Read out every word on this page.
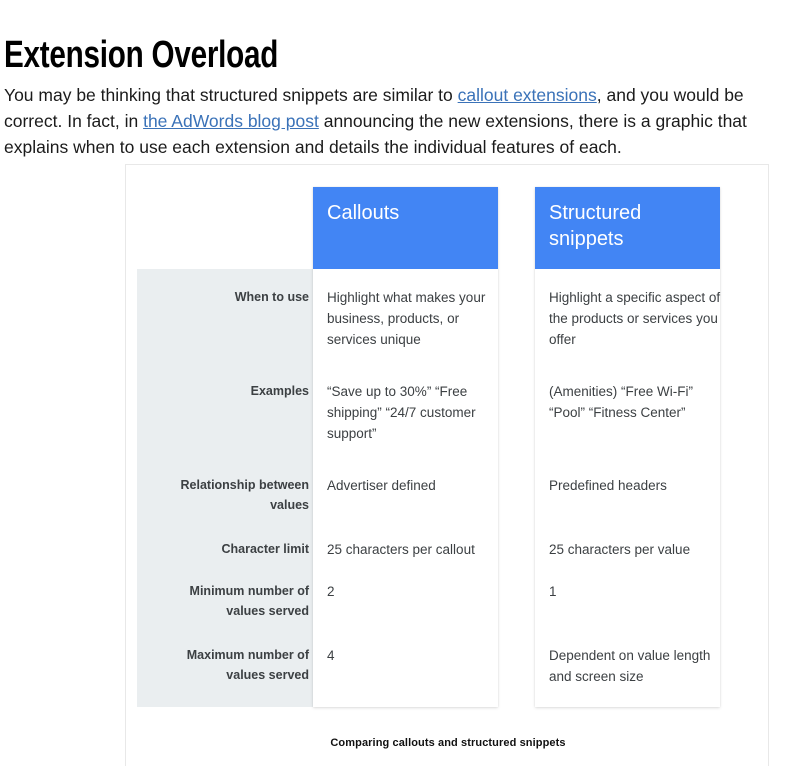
Extension Overload

You may be thinking that structured snippets are similar to callout extensions, and you would be correct. In fact, in the AdWords blog post announcing the new extensions, there is a graphic that explains when to use each extension and details the individual features of each.

When to use
Examples
Relationship between values
Character limit
Minimum number of values served
Maximum number of values served
Callouts
Highlight what makes your business, products, or services unique
“Save up to 30%” “Free shipping” “24/7 customer support”
Advertiser defined
25 characters per callout
2
4
Structured snippets
Highlight a specific aspect of the products or services you offer
(Amenities) “Free Wi-Fi” “Pool” “Fitness Center”
Predefined headers
25 characters per value
1
Dependent on value length and screen size
Comparing callouts and structured snippets
